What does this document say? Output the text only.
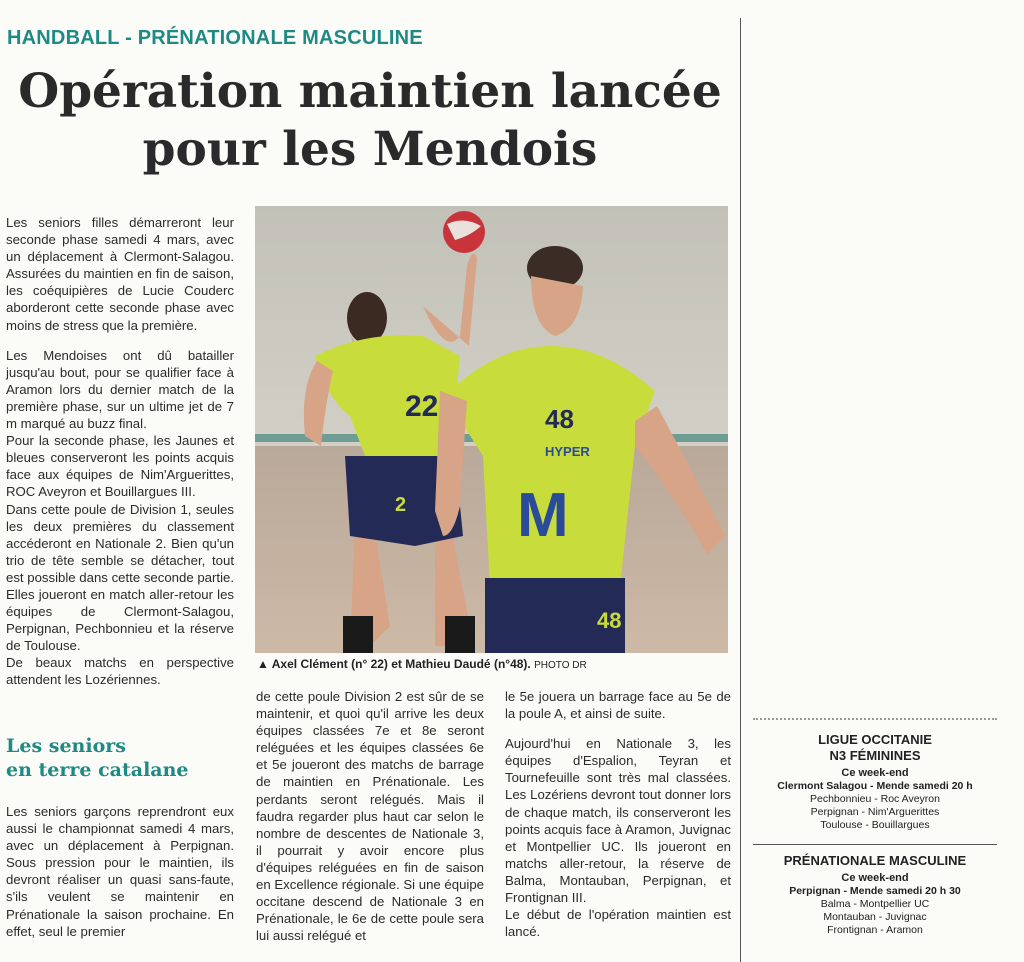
HANDBALL - PRÉNATIONALE MASCULINE
Opération maintien lancée
pour les Mendois

Les seniors filles démarreront leur seconde phase samedi 4 mars, avec un déplacement à Clermont-Salagou. Assurées du maintien en fin de saison, les coéquipières de Lucie Couderc aborderont cette seconde phase avec moins de stress que la première.

Les Mendoises ont dû batailler jusqu'au bout, pour se qualifier face à Aramon lors du dernier match de la première phase, sur un ultime jet de 7 m marqué au buzz final.

Pour la seconde phase, les Jaunes et bleues conserveront les points acquis face aux équipes de Nim'Arguerittes, ROC Aveyron et Bouillargues III.

Dans cette poule de Division 1, seules les deux premières du classement accéderont en Nationale 2. Bien qu'un trio de tête semble se détacher, tout est possible dans cette seconde partie.

Elles joueront en match aller-retour les équipes de Clermont-Salagou, Perpignan, Pechbonnieu et la réserve de Toulouse.

De beaux matchs en perspective attendent les Lozériennes.

Les seniors
en terre catalane

Les seniors garçons reprendront eux aussi le championnat samedi 4 mars, avec un déplacement à Perpignan. Sous pression pour le maintien, ils devront réaliser un quasi sans-faute, s'ils veulent se maintenir en Prénationale la saison prochaine. En effet, seul le premier

de cette poule Division 2 est sûr de se maintenir, et quoi qu'il arrive les deux équipes classées 7e et 8e seront reléguées et les équipes classées 6e et 5e joueront des matchs de barrage de maintien en Prénationale. Les perdants seront relégués. Mais il faudra regarder plus haut car selon le nombre de descentes de Nationale 3, il pourrait y avoir encore plus d'équipes reléguées en fin de saison en Excellence régionale. Si une équipe occitane descend de Nationale 3 en Prénationale, le 6e de cette poule sera lui aussi relégué et

le 5e jouera un barrage face au 5e de la poule A, et ainsi de suite.

Aujourd'hui en Nationale 3, les équipes d'Espalion, Teyran et Tournefeuille sont très mal classées. Les Lozériens devront tout donner lors de chaque match, ils conserveront les points acquis face à Aramon, Juvignac et Montpellier UC. Ils joueront en matchs aller-retour, la réserve de Balma, Montauban, Perpignan, et Frontignan III.

Le début de l'opération maintien est lancé.

22
2
48
HYPER
M
48
▲ Axel Clément (n° 22) et Mathieu Daudé (n°48). PHOTO DR
LIGUE OCCITANIE
N3 FÉMININES
Ce week-end
Clermont Salagou - Mende samedi 20 h
Pechbonnieu - Roc Aveyron
Perpignan - Nim'Arguerittes
Toulouse - Bouillargues
PRÉNATIONALE MASCULINE
Ce week-end
Perpignan - Mende samedi 20 h 30
Balma - Montpellier UC
Montauban - Juvignac
Frontignan - Aramon
